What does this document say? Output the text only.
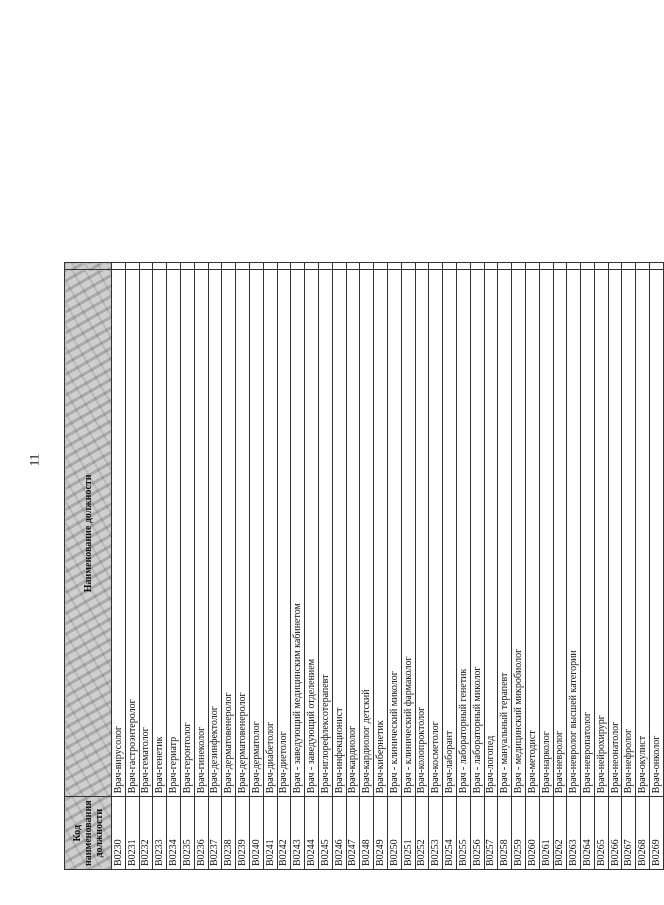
11
Код наименования должности	Наименование должности	
B0230	Врач-вирусолог	
B0231	Врач-гастроэнтеролог	
B0232	Врач-гематолог	
B0233	Врач-генетик	
B0234	Врач-гериатр	
B0235	Врач-геронтолог	
B0236	Врач-гинеколог	
B0237	Врач-дезинфектолог	
B0238	Врач-дерматовенеролог	
B0239	Врач-дерматовенеролог	
B0240	Врач-дерматолог	
B0241	Врач-диабетолог	
B0242	Врач-диетолог	
B0243	Врач - заведующий медицинским кабинетом	
B0244	Врач - заведующий отделением	
B0245	Врач-иглорефлексотерапевт	
B0246	Врач-инфекционист	
B0247	Врач-кардиолог	
B0248	Врач-кардиолог детский	
B0249	Врач-кибернетик	
B0250	Врач - клинический миколог	
B0251	Врач - клинический фармаколог	
B0252	Врач-колопроктолог	
B0253	Врач-косметолог	
B0254	Врач-лаборант	
B0255	Врач - лабораторный генетик	
B0256	Врач - лабораторный миколог	
B0257	Врач-логопед	
B0258	Врач - мануальный терапевт	
B0259	Врач - медицинский микробиолог	
B0260	Врач-методист	
B0261	Врач-нарколог	
B0262	Врач-невролог	
B0263	Врач-невролог высшей категории	
B0264	Врач-невропатолог	
B0265	Врач-нейрохирург	
B0266	Врач-неонатолог	
B0267	Врач-нефролог	
B0268	Врач-окулист	
B0269	Врач-онколог	
